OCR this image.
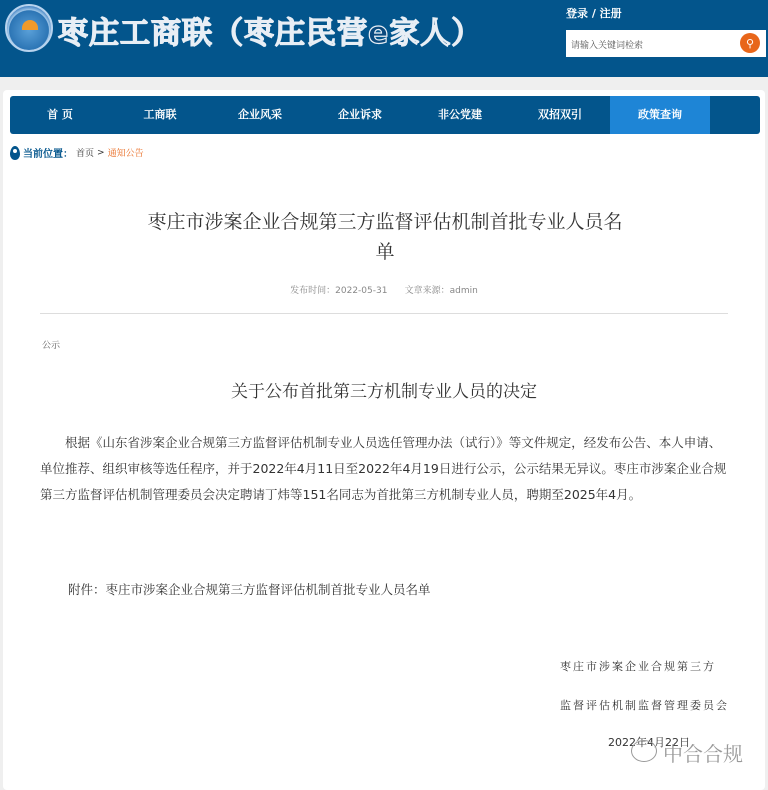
枣庄工商联（枣庄民营e家人）
登录 / 注册
请输入关键词检索	⚲
首 页	工商联	企业风采	企业诉求	非公党建	双招双引	政策查询
当前位置： 首页 > 通知公告
枣庄市涉案企业合规第三方监督评估机制首批专业人员名单
发布时间：2022-05-31      文章来源：admin
公示
关于公布首批第三方机制专业人员的决定
根据《山东省涉案企业合规第三方监督评估机制专业人员选任管理办法（试行）》等文件规定，经发布公告、本人申请、单位推荐、组织审核等选任程序，并于2022年4月11日至2022年4月19日进行公示，公示结果无异议。枣庄市涉案企业合规第三方监督评估机制管理委员会决定聘请丁炜等151名同志为首批第三方机制专业人员，聘期至2025年4月。
附件：枣庄市涉案企业合规第三方监督评估机制首批专业人员名单
枣庄市涉案企业合规第三方
监督评估机制监督管理委员会
2022年4月22日
中合合规
